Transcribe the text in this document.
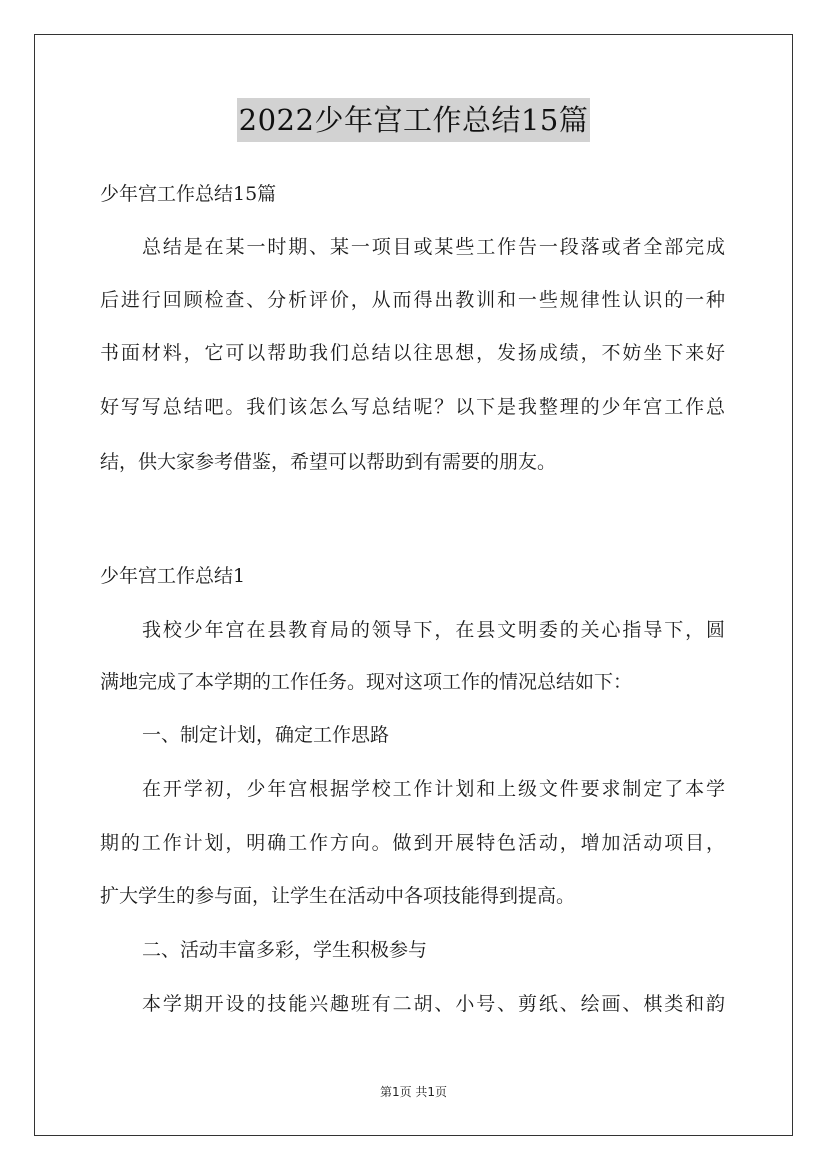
2022少年宫工作总结15篇
少年宫工作总结15篇
总结是在某一时期、某一项目或某些工作告一段落或者全部完成
后进行回顾检查、分析评价，从而得出教训和一些规律性认识的一种
书面材料，它可以帮助我们总结以往思想，发扬成绩，不妨坐下来好
好写写总结吧。我们该怎么写总结呢？以下是我整理的少年宫工作总
结，供大家参考借鉴，希望可以帮助到有需要的朋友。
少年宫工作总结1
我校少年宫在县教育局的领导下，在县文明委的关心指导下，圆
满地完成了本学期的工作任务。现对这项工作的情况总结如下：
一、制定计划，确定工作思路
在开学初，少年宫根据学校工作计划和上级文件要求制定了本学
期的工作计划，明确工作方向。做到开展特色活动，增加活动项目，
扩大学生的参与面，让学生在活动中各项技能得到提高。
二、活动丰富多彩，学生积极参与
本学期开设的技能兴趣班有二胡、小号、剪纸、绘画、棋类和韵
第1页 共1页
